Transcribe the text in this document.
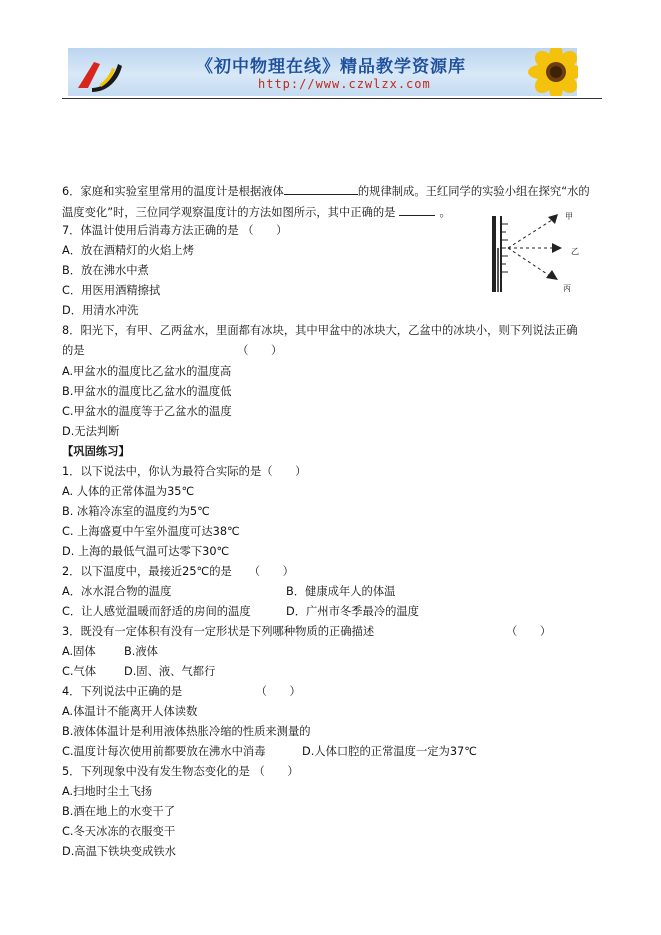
《初中物理在线》精品教学资源库
http://www.czwlzx.com
6．家庭和实验室里常用的温度计是根据液体	的规律制成。王红同学的实验小组在探究“水的
温度变化”时，三位同学观察温度计的方法如图所示，其中正确的是	。
7．体温计使用后消毒方法正确的是 （　　）
A．放在酒精灯的火焰上烤
B．放在沸水中煮
C．用医用酒精擦拭
D．用清水冲洗
8．阳光下，有甲、乙两盆水，里面都有冰块，其中甲盆中的冰块大，乙盆中的冰块小，则下列说法正确
的是　　　　　　　　　　　　　　（　　）
A.甲盆水的温度比乙盆水的温度高
B.甲盆水的温度比乙盆水的温度低
C.甲盆水的温度等于乙盆水的温度
D.无法判断
【巩固练习】
1．以下说法中，你认为最符合实际的是（　　）
A. 人体的正常体温为35℃
B. 冰箱冷冻室的温度约为5℃
C. 上海盛夏中午室外温度可达38℃
D. 上海的最低气温可达零下30℃
2．以下温度中，最接近25℃的是　　（　　）
A．冰水混合物的温度	B．健康成年人的体温
C．让人感觉温暖而舒适的房间的温度	D．广州市冬季最冷的温度
3．既没有一定体积有没有一定形状是下列哪种物质的正确描述	（　　）
A.固体	B.液体
C.气体 D.固、液、气都行
4．下列说法中正确的是　　　　　　　（　　）
A.体温计不能离开人体读数
B.液体体温计是利用液体热胀冷缩的性质来测量的
C.温度计每次使用前都要放在沸水中消毒	D.人体口腔的正常温度一定为37℃
5．下列现象中没有发生物态变化的是 （　　）
A.扫地时尘土飞扬
B.酒在地上的水变干了
C.冬天冰冻的衣服变干
D.高温下铁块变成铁水
甲
乙
丙
